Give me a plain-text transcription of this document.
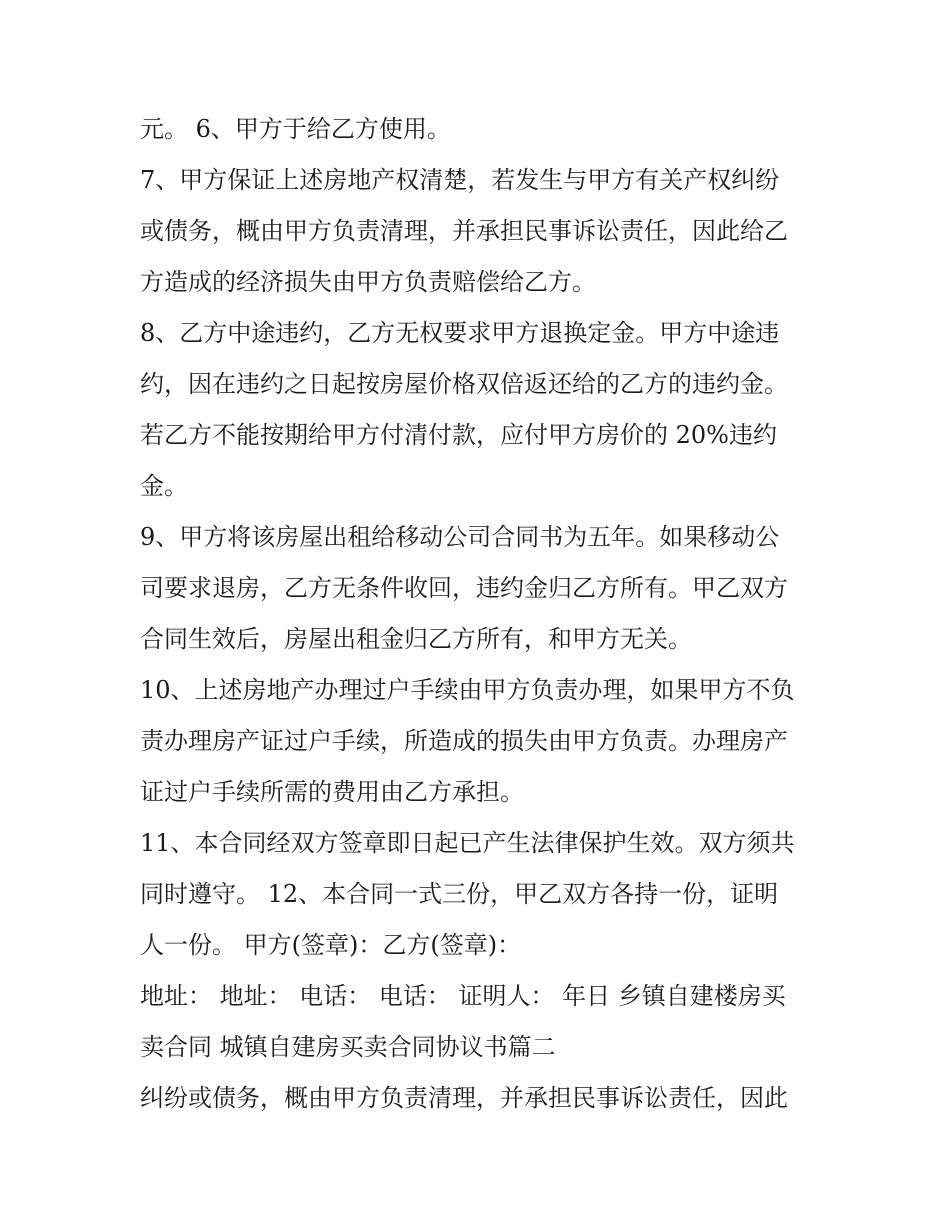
元。 6、甲方于给乙方使用。
7、甲方保证上述房地产权清楚，若发生与甲方有关产权纠纷
或债务，概由甲方负责清理，并承担民事诉讼责任，因此给乙
方造成的经济损失由甲方负责赔偿给乙方。
8、乙方中途违约，乙方无权要求甲方退换定金。甲方中途违
约，因在违约之日起按房屋价格双倍返还给的乙方的违约金。
若乙方不能按期给甲方付清付款，应付甲方房价的 20%违约
金。
9、甲方将该房屋出租给移动公司合同书为五年。如果移动公
司要求退房，乙方无条件收回，违约金归乙方所有。甲乙双方
合同生效后，房屋出租金归乙方所有，和甲方无关。
10、上述房地产办理过户手续由甲方负责办理，如果甲方不负
责办理房产证过户手续，所造成的损失由甲方负责。办理房产
证过户手续所需的费用由乙方承担。
11、本合同经双方签章即日起已产生法律保护生效。双方须共
同时遵守。 12、本合同一式三份，甲乙双方各持一份，证明
人一份。 甲方(签章)：乙方(签章)：
地址： 地址： 电话： 电话： 证明人： 年日 乡镇自建楼房买
卖合同 城镇自建房买卖合同协议书篇二
纠纷或债务，概由甲方负责清理，并承担民事诉讼责任，因此
